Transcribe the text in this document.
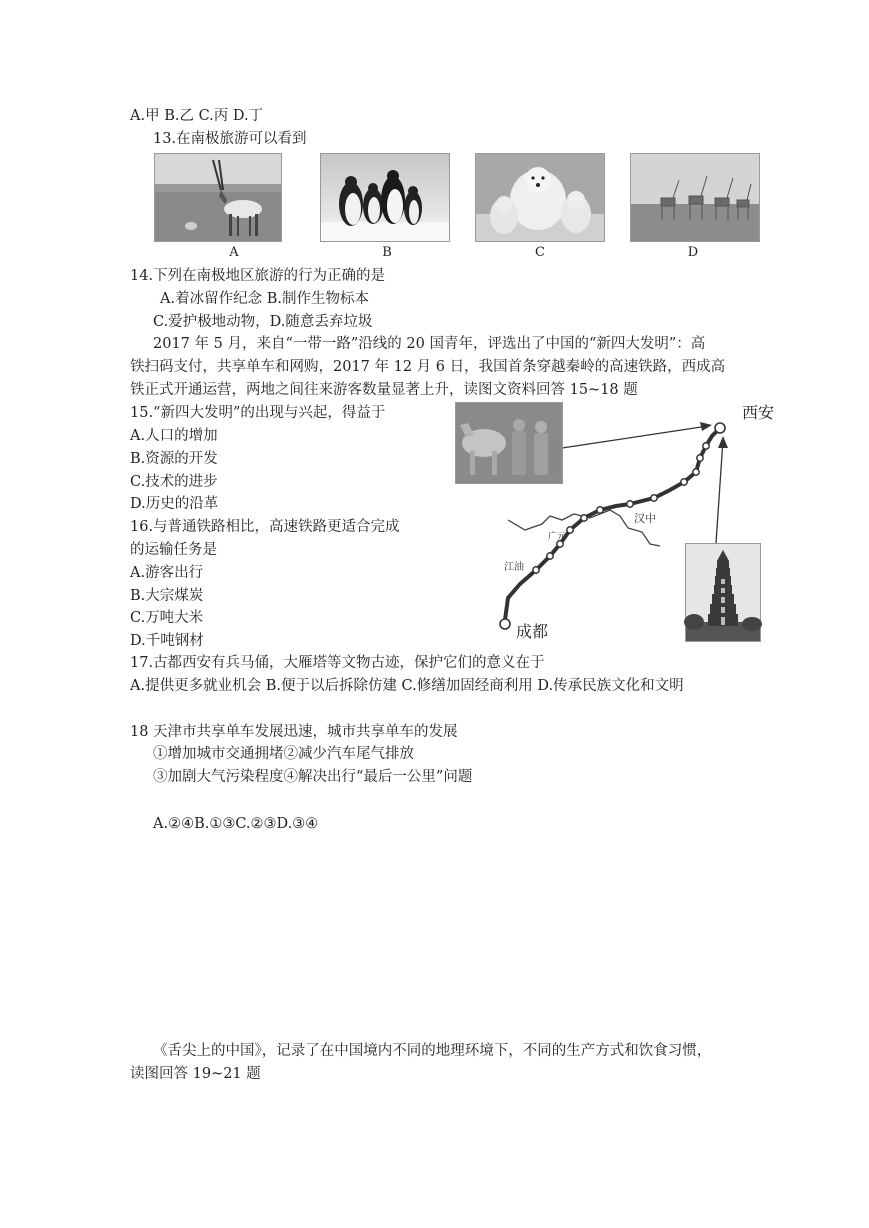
A.甲 B.乙 C.丙 D.丁
13.在南极旅游可以看到
A	B	C	D
14.下列在南极地区旅游的行为正确的是
A.着冰留作纪念 B.制作生物标本
C.爱护极地动物，D.随意丢弃垃圾
2017 年 5 月，来自“一带一路”沿线的 20 国青年，评选出了中国的“新四大发明”：高
铁扫码支付，共享单车和网购，2017 年 12 月 6 日，我国首条穿越秦岭的高速铁路，西成高
铁正式开通运营，两地之间往来游客数量显著上升，读图文资料回答 15~18 题
15.“新四大发明”的出现与兴起，得益于
A.人口的增加
B.资源的开发
C.技术的进步
D.历史的沿革
16.与普通铁路相比，高速铁路更适合完成
的运输任务是
A.游客出行
B.大宗煤炭
C.万吨大米
D.千吨钢材
西安
成都
汉中
广元
江油
17.古都西安有兵马俑，大雁塔等文物古迹，保护它们的意义在于
A.提供更多就业机会 B.便于以后拆除仿建 C.修缮加固经商利用 D.传承民族文化和文明
18 天津市共享单车发展迅速，城市共享单车的发展
①增加城市交通拥堵②减少汽车尾气排放
③加剧大气污染程度④解决出行“最后一公里”问题
A.②④B.①③C.②③D.③④
《舌尖上的中国》，记录了在中国境内不同的地理环境下，不同的生产方式和饮食习惯，
读图回答 19~21 题
